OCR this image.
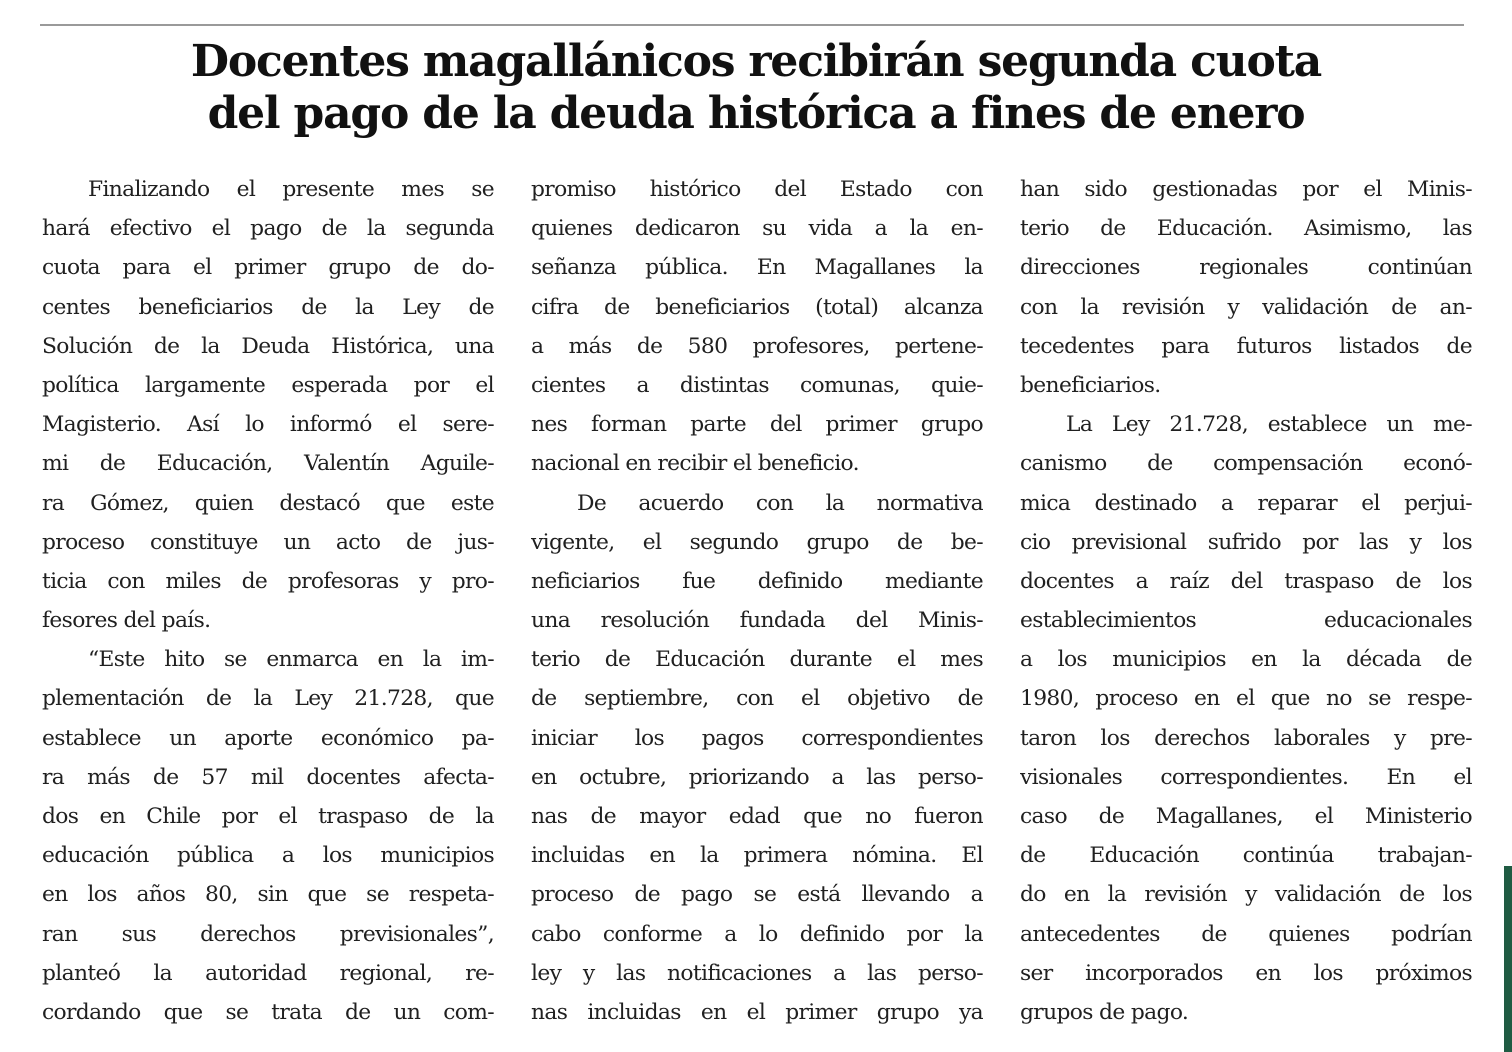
Docentes magallánicos recibirán segunda cuota
del pago de la deuda histórica a fines de enero
Finalizando el presente mes se
hará efectivo el pago de la segunda
cuota para el primer grupo de do-
centes beneficiarios de la Ley de
Solución de la Deuda Histórica, una
política largamente esperada por el
Magisterio. Así lo informó el sere-
mi de Educación, Valentín Aguile-
ra Gómez, quien destacó que este
proceso constituye un acto de jus-
ticia con miles de profesoras y pro-
fesores del país.
“Este hito se enmarca en la im-
plementación de la Ley 21.728, que
establece un aporte económico pa-
ra más de 57 mil docentes afecta-
dos en Chile por el traspaso de la
educación pública a los municipios
en los años 80, sin que se respeta-
ran sus derechos previsionales”,
planteó la autoridad regional, re-
cordando que se trata de un com-
promiso histórico del Estado con
quienes dedicaron su vida a la en-
señanza pública. En Magallanes la
cifra de beneficiarios (total) alcanza
a más de 580 profesores, pertene-
cientes a distintas comunas, quie-
nes forman parte del primer grupo
nacional en recibir el beneficio.
De acuerdo con la normativa
vigente, el segundo grupo de be-
neficiarios fue definido mediante
una resolución fundada del Minis-
terio de Educación durante el mes
de septiembre, con el objetivo de
iniciar los pagos correspondientes
en octubre, priorizando a las perso-
nas de mayor edad que no fueron
incluidas en la primera nómina. El
proceso de pago se está llevando a
cabo conforme a lo definido por la
ley y las notificaciones a las perso-
nas incluidas en el primer grupo ya
han sido gestionadas por el Minis-
terio de Educación. Asimismo, las
direcciones regionales continúan
con la revisión y validación de an-
tecedentes para futuros listados de
beneficiarios.
La Ley 21.728, establece un me-
canismo de compensación econó-
mica destinado a reparar el perjui-
cio previsional sufrido por las y los
docentes a raíz del traspaso de los
establecimientos educacionales
a los municipios en la década de
1980, proceso en el que no se respe-
taron los derechos laborales y pre-
visionales correspondientes. En el
caso de Magallanes, el Ministerio
de Educación continúa trabajan-
do en la revisión y validación de los
antecedentes de quienes podrían
ser incorporados en los próximos
grupos de pago.
